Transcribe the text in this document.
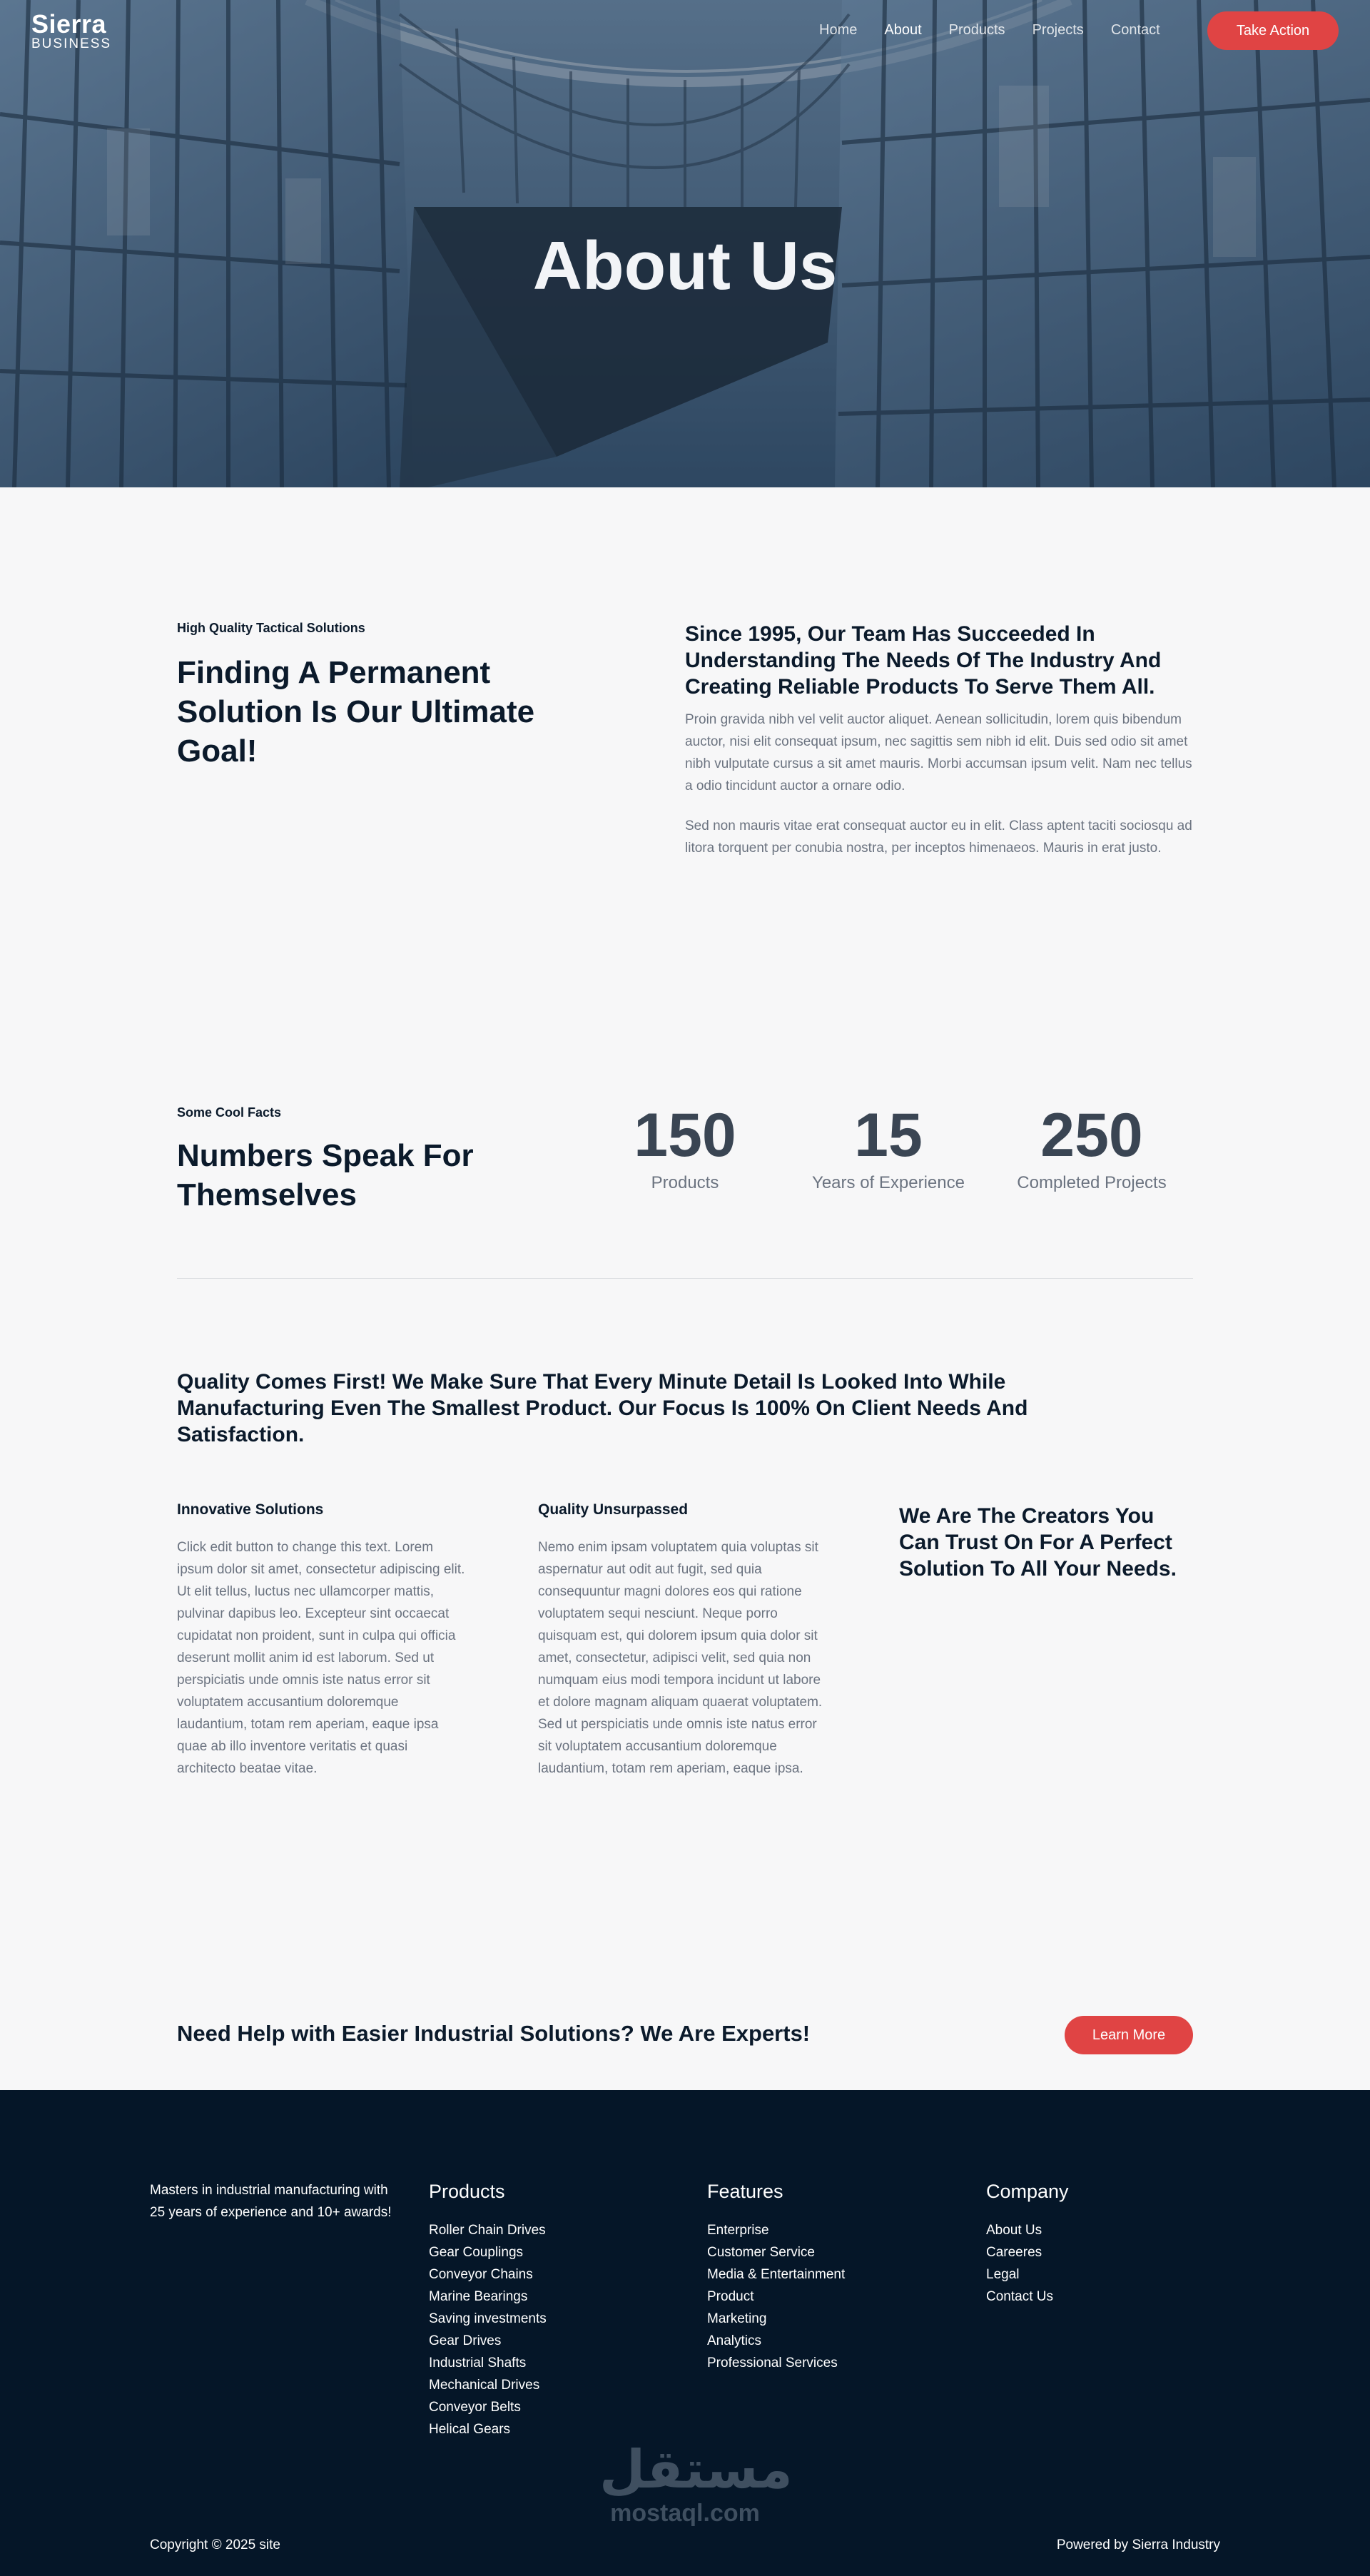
Sierra
BUSINESS
Home About Products Projects Contact	Take Action
About Us
High Quality Tactical Solutions
Finding A Permanent Solution Is Our Ultimate Goal!
Since 1995, Our Team Has Succeeded In Understanding The Needs Of The Industry And Creating Reliable Products To Serve Them All.

Proin gravida nibh vel velit auctor aliquet. Aenean sollicitudin, lorem quis bibendum auctor, nisi elit consequat ipsum, nec sagittis sem nibh id elit. Duis sed odio sit amet nibh vulputate cursus a sit amet mauris. Morbi accumsan ipsum velit. Nam nec tellus a odio tincidunt auctor a ornare odio.

Sed non mauris vitae erat consequat auctor eu in elit. Class aptent taciti sociosqu ad litora torquent per conubia nostra, per inceptos himenaeos. Mauris in erat justo.

Some Cool Facts
Numbers Speak For Themselves
150
Products
15
Years of Experience
250
Completed Projects
Quality Comes First! We Make Sure That Every Minute Detail Is Looked Into While Manufacturing Even The Smallest Product. Our Focus Is 100% On Client Needs And Satisfaction.
Innovative Solutions

Click edit button to change this text. Lorem ipsum dolor sit amet, consectetur adipiscing elit. Ut elit tellus, luctus nec ullamcorper mattis, pulvinar dapibus leo. Excepteur sint occaecat cupidatat non proident, sunt in culpa qui officia deserunt mollit anim id est laborum. Sed ut perspiciatis unde omnis iste natus error sit voluptatem accusantium doloremque laudantium, totam rem aperiam, eaque ipsa quae ab illo inventore veritatis et quasi architecto beatae vitae.

Quality Unsurpassed

Nemo enim ipsam voluptatem quia voluptas sit aspernatur aut odit aut fugit, sed quia consequuntur magni dolores eos qui ratione voluptatem sequi nesciunt. Neque porro quisquam est, qui dolorem ipsum quia dolor sit amet, consectetur, adipisci velit, sed quia non numquam eius modi tempora incidunt ut labore et dolore magnam aliquam quaerat voluptatem. Sed ut perspiciatis unde omnis iste natus error sit voluptatem accusantium doloremque laudantium, totam rem aperiam, eaque ipsa.

We Are The Creators You Can Trust On For A Perfect Solution To All Your Needs.
Need Help with Easier Industrial Solutions? We Are Experts!	Learn More

Masters in industrial manufacturing with 25 years of experience and 10+ awards!

Products
Roller Chain Drives
Gear Couplings
Conveyor Chains
Marine Bearings
Saving investments
Gear Drives
Industrial Shafts
Mechanical Drives
Conveyor Belts
Helical Gears
Features
Enterprise
Customer Service
Media & Entertainment
Product
Marketing
Analytics
Professional Services
Company
About Us
Careeres
Legal
Contact Us
مستقل
mostaql.com
Copyright © 2025 site	Powered by Sierra Industry
